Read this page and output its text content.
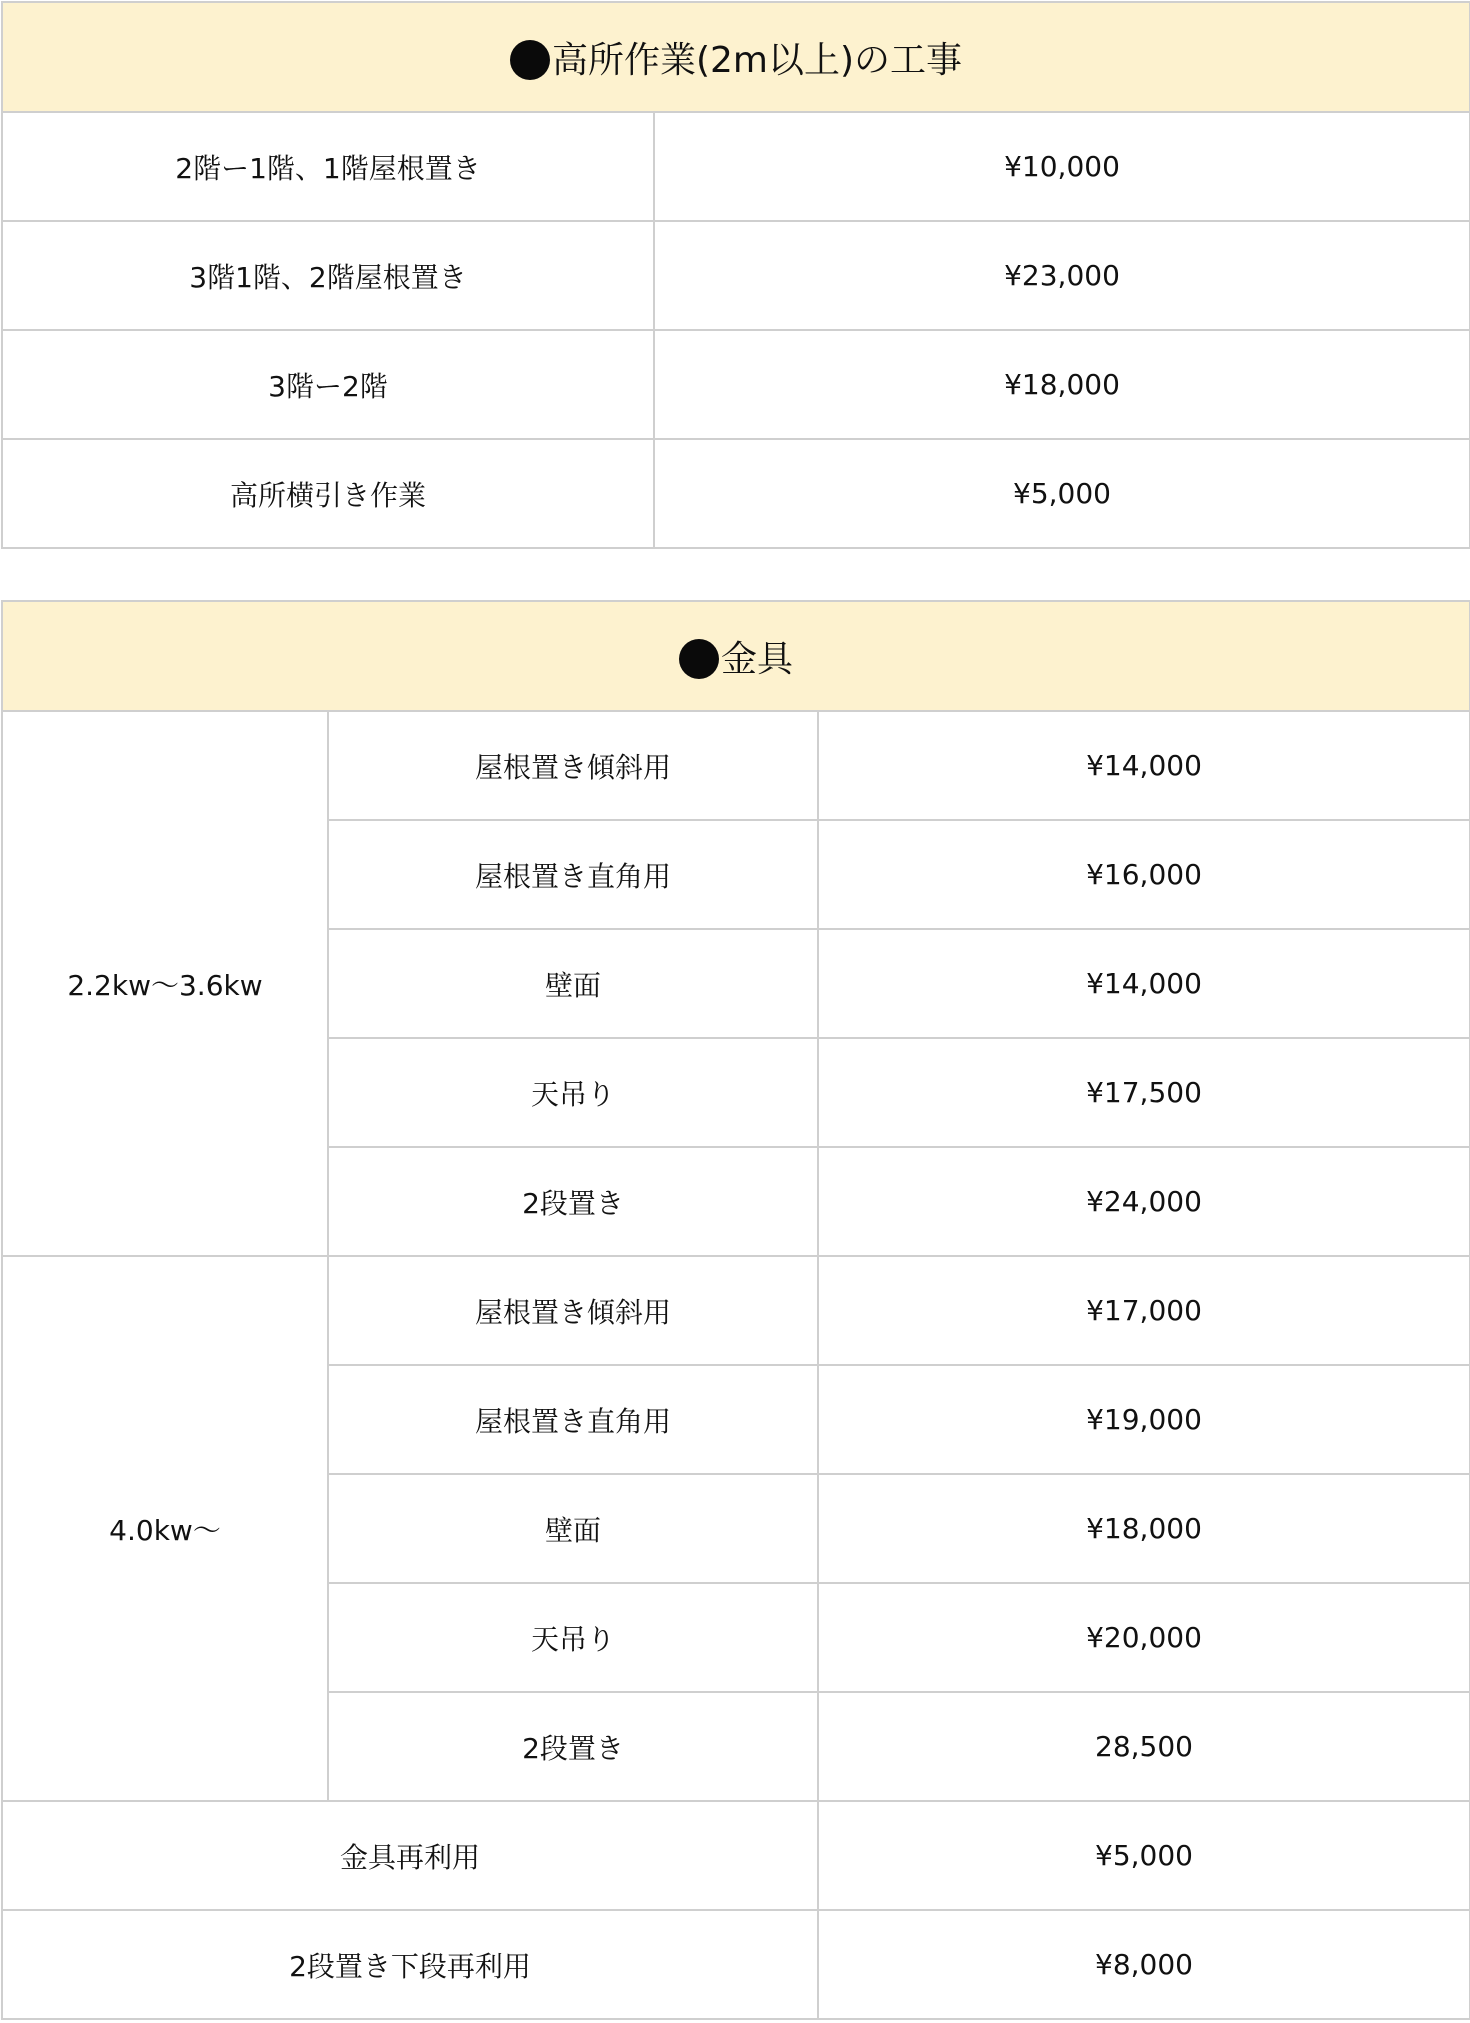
高所作業(2m以上)の工事	
2階ー1階、1階屋根置き	¥10,000
3階1階、2階屋根置き	¥23,000
3階ー2階	¥18,000
高所横引き作業	¥5,000
金具		
2.2kw～3.6kw	屋根置き傾斜用	¥14,000
	屋根置き直角用	¥16,000
	壁面	¥14,000
	天吊り	¥17,500
	2段置き	¥24,000
4.0kw～	屋根置き傾斜用	¥17,000
	屋根置き直角用	¥19,000
	壁面	¥18,000
	天吊り	¥20,000
	2段置き	28,500
金具再利用		¥5,000
2段置き下段再利用		¥8,000
